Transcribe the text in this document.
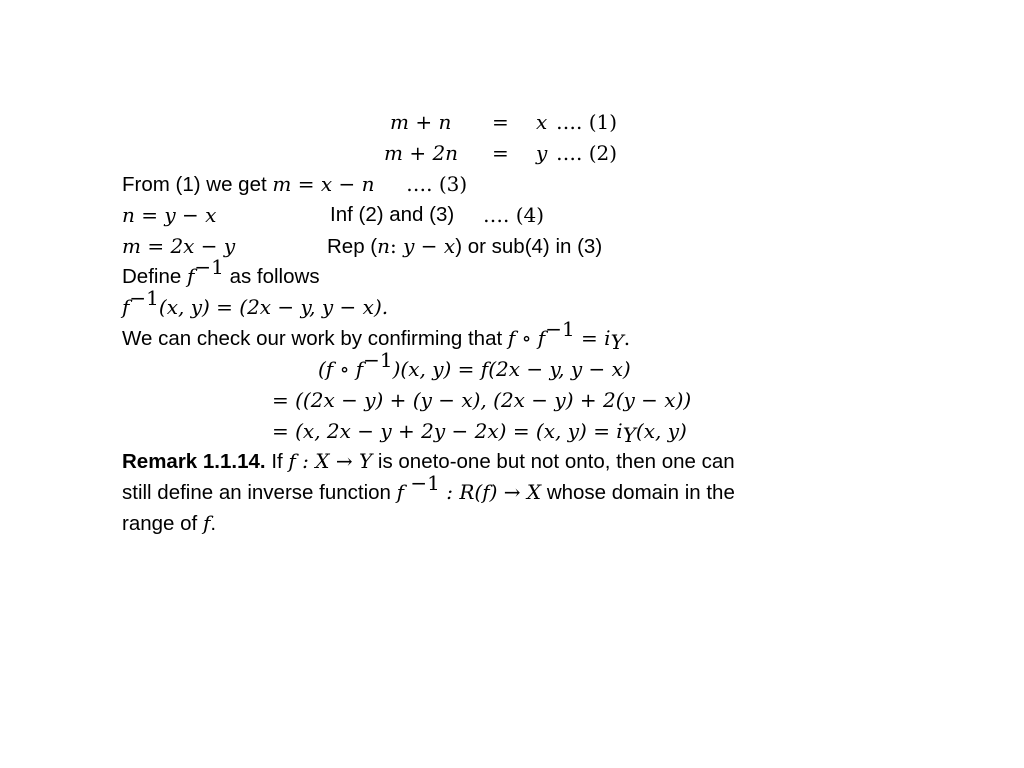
m + n = x …. (1)
m + 2n = y …. (2)
From (1) we get m = x − n …. (3)
n = y − x	Inf (2) and (3) …. (4)
m = 2x − y	Rep (n: y − x) or sub(4) in (3)
Define $f^{-1}$ as follows
$f^{-1}(x$, y) = (2x − y, y − x).
We can check our work by confirming that f ∘ $f^{-1} = i_Y$.
(f ∘ $f^{-1})(x$, y) = f(2x − y, y − x)
= ((2x − y) + (y − x), (2x − y) + 2(y − x))
= (x, 2x − y + 2y − 2x) = (x, $y) = i_Y(x$, y)
Remark 1.1.14. If f : X → Y is oneto-one but not onto, then one can
still define an inverse function f $^{-1}$ : R(f) → X whose domain in the
range of f.
